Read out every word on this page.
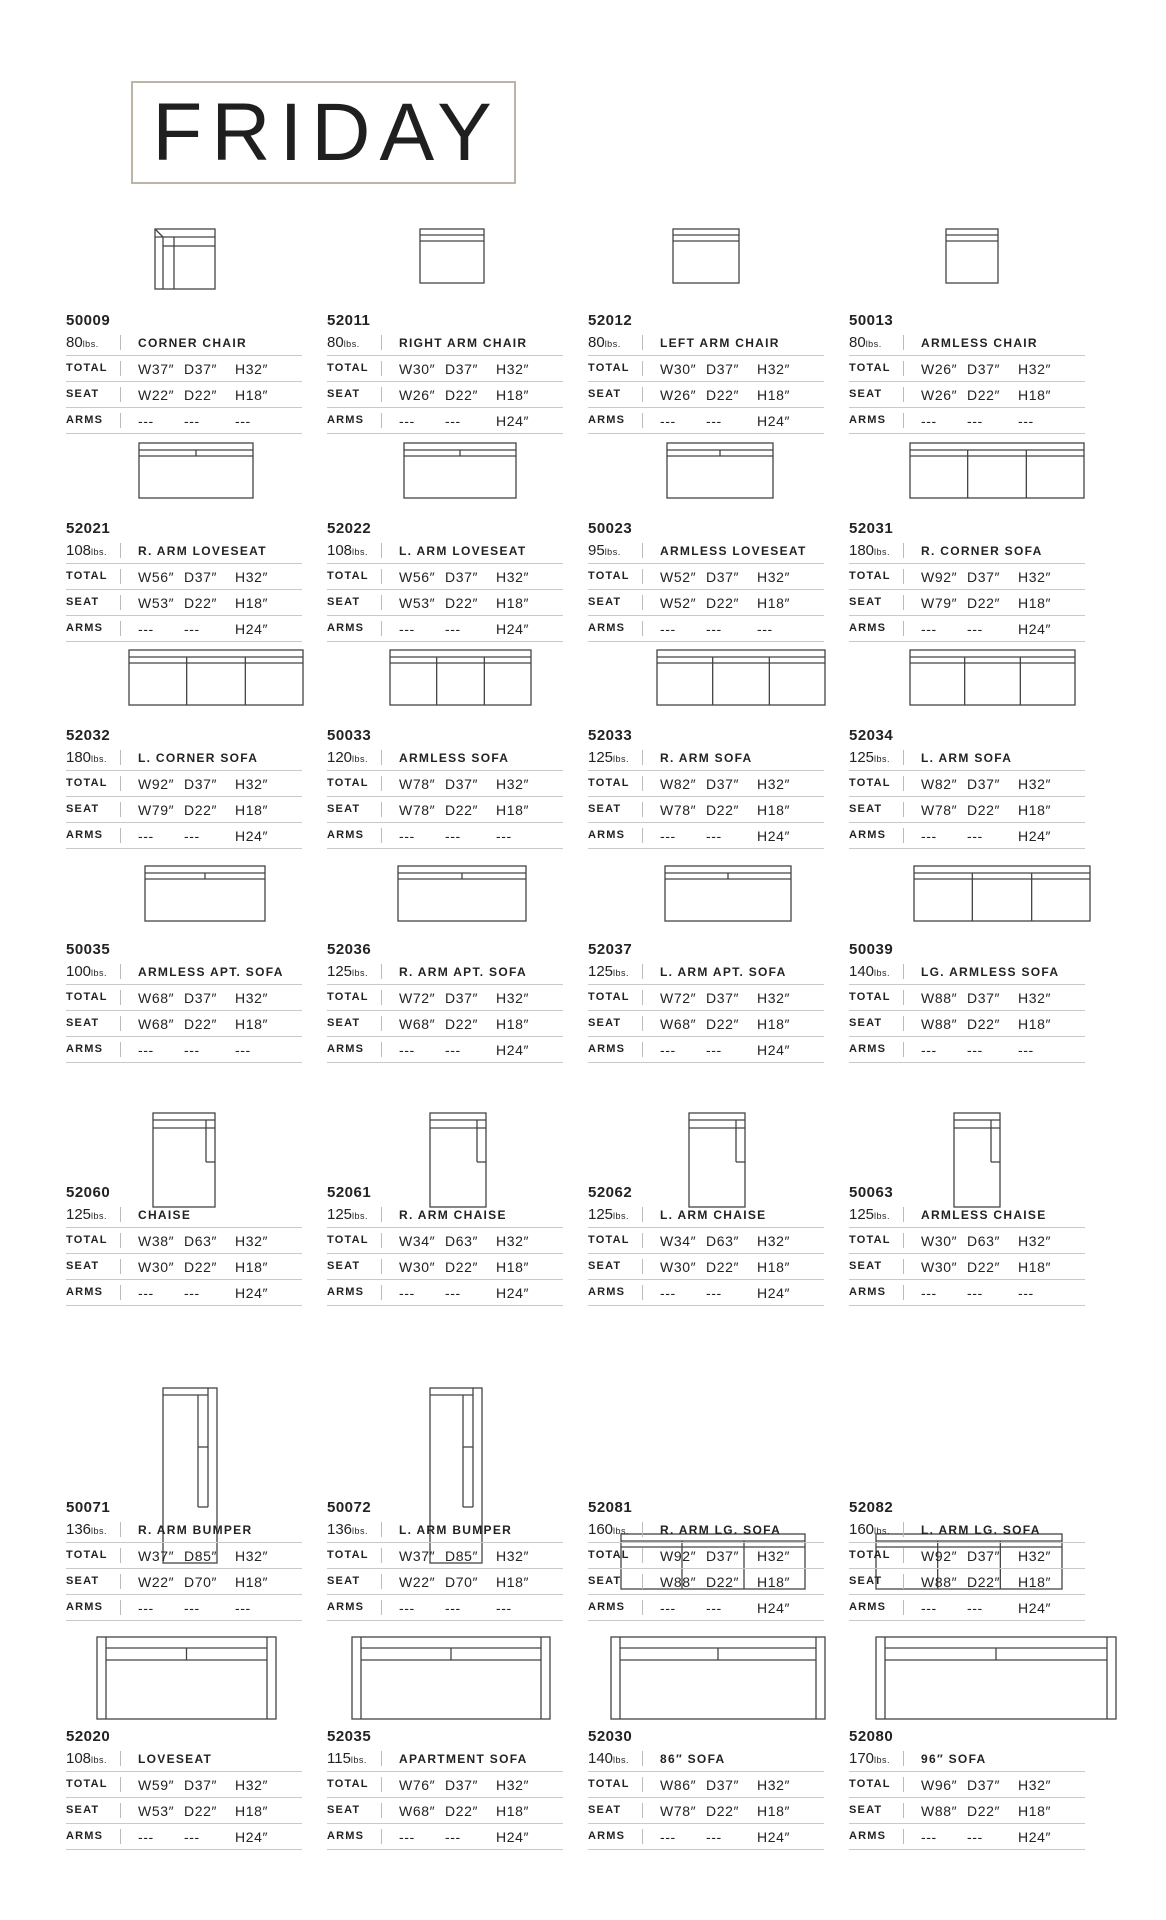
FRIDAY
50009
80lbs.	CORNER CHAIR
TOTAL	W37″ D37″	H32″
SEAT	W22″ D22″	H18″
ARMS	---	---	---
52011
80lbs.	RIGHT ARM CHAIR
TOTAL	W30″ D37″	H32″
SEAT	W26″ D22″	H18″
ARMS	---	---	H24″
52012
80lbs.	LEFT ARM CHAIR
TOTAL	W30″ D37″	H32″
SEAT	W26″ D22″	H18″
ARMS	---	---	H24″
50013
80lbs.	ARMLESS CHAIR
TOTAL	W26″ D37″	H32″
SEAT	W26″ D22″	H18″
ARMS	---	---	---
52021
108lbs.	R. ARM LOVESEAT
TOTAL	W56″ D37″	H32″
SEAT	W53″ D22″	H18″
ARMS	---	---	H24″
52022
108lbs.	L. ARM LOVESEAT
TOTAL	W56″ D37″	H32″
SEAT	W53″ D22″	H18″
ARMS	---	---	H24″
50023
95lbs.	ARMLESS LOVESEAT
TOTAL	W52″ D37″	H32″
SEAT	W52″ D22″	H18″
ARMS	---	---	---
52031
180lbs.	R. CORNER SOFA
TOTAL	W92″ D37″	H32″
SEAT	W79″ D22″	H18″
ARMS	---	---	H24″
52032
180lbs.	L. CORNER SOFA
TOTAL	W92″ D37″	H32″
SEAT	W79″ D22″	H18″
ARMS	---	---	H24″
50033
120lbs.	ARMLESS SOFA
TOTAL	W78″ D37″	H32″
SEAT	W78″ D22″	H18″
ARMS	---	---	---
52033
125lbs.	R. ARM SOFA
TOTAL	W82″ D37″	H32″
SEAT	W78″ D22″	H18″
ARMS	---	---	H24″
52034
125lbs.	L. ARM SOFA
TOTAL	W82″ D37″	H32″
SEAT	W78″ D22″	H18″
ARMS	---	---	H24″
50035
100lbs.	ARMLESS APT. SOFA
TOTAL	W68″ D37″	H32″
SEAT	W68″ D22″	H18″
ARMS	---	---	---
52036
125lbs.	R. ARM APT. SOFA
TOTAL	W72″ D37″	H32″
SEAT	W68″ D22″	H18″
ARMS	---	---	H24″
52037
125lbs.	L. ARM APT. SOFA
TOTAL	W72″ D37″	H32″
SEAT	W68″ D22″	H18″
ARMS	---	---	H24″
50039
140lbs.	LG. ARMLESS SOFA
TOTAL	W88″ D37″	H32″
SEAT	W88″ D22″	H18″
ARMS	---	---	---
52060
125lbs.	CHAISE
TOTAL	W38″ D63″	H32″
SEAT	W30″ D22″	H18″
ARMS	---	---	H24″
52061
125lbs.	R. ARM CHAISE
TOTAL	W34″ D63″	H32″
SEAT	W30″ D22″	H18″
ARMS	---	---	H24″
52062
125lbs.	L. ARM CHAISE
TOTAL	W34″ D63″	H32″
SEAT	W30″ D22″	H18″
ARMS	---	---	H24″
50063
125lbs.	ARMLESS CHAISE
TOTAL	W30″ D63″	H32″
SEAT	W30″ D22″	H18″
ARMS	---	---	---
50071
136lbs.	R. ARM BUMPER
TOTAL	W37″ D85″	H32″
SEAT	W22″ D70″	H18″
ARMS	---	---	---
50072
136lbs.	L. ARM BUMPER
TOTAL	W37″ D85″	H32″
SEAT	W22″ D70″	H18″
ARMS	---	---	---
52081
160lbs.	R. ARM LG. SOFA
TOTAL	W92″ D37″	H32″
SEAT	W88″ D22″	H18″
ARMS	---	---	H24″
52082
160lbs.	L. ARM LG. SOFA
TOTAL	W92″ D37″	H32″
SEAT	W88″ D22″	H18″
ARMS	---	---	H24″
52020
108lbs.	LOVESEAT
TOTAL	W59″ D37″	H32″
SEAT	W53″ D22″	H18″
ARMS	---	---	H24″
52035
115lbs.	APARTMENT SOFA
TOTAL	W76″ D37″	H32″
SEAT	W68″ D22″	H18″
ARMS	---	---	H24″
52030
140lbs.	86″ SOFA
TOTAL	W86″ D37″	H32″
SEAT	W78″ D22″	H18″
ARMS	---	---	H24″
52080
170lbs.	96″ SOFA
TOTAL	W96″ D37″	H32″
SEAT	W88″ D22″	H18″
ARMS	---	---	H24″
